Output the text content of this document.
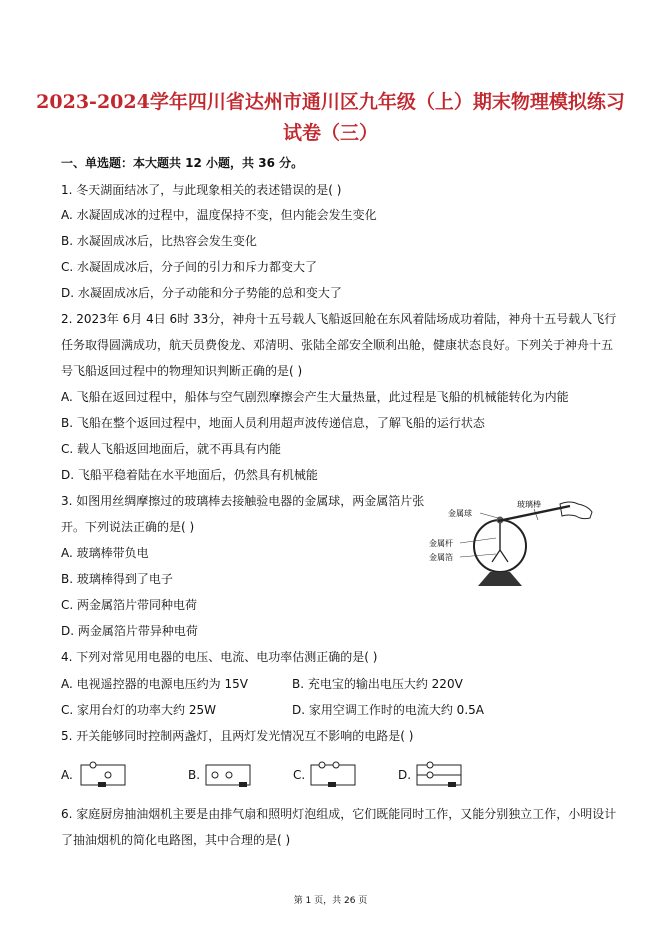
2023-2024学年四川省达州市通川区九年级（上）期末物理模拟练习
试卷（三）
一、单选题：本大题共 12 小题，共 36 分。
1. 冬天湖面结冰了，与此现象相关的表述错误的是( )
A. 水凝固成冰的过程中，温度保持不变，但内能会发生变化
B. 水凝固成冰后，比热容会发生变化
C. 水凝固成冰后，分子间的引力和斥力都变大了
D. 水凝固成冰后，分子动能和分子势能的总和变大了
2. 2023年 6月 4日 6时 33分，神舟十五号载人飞船返回舱在东风着陆场成功着陆，神舟十五号载人飞行
任务取得圆满成功，航天员费俊龙、邓清明、张陆全部安全顺利出舱，健康状态良好。下列关于神舟十五
号飞船返回过程中的物理知识判断正确的是( )
A. 飞船在返回过程中，船体与空气剧烈摩擦会产生大量热量，此过程是飞船的机械能转化为内能
B. 飞船在整个返回过程中，地面人员利用超声波传递信息，了解飞船的运行状态
C. 载人飞船返回地面后，就不再具有内能
D. 飞船平稳着陆在水平地面后，仍然具有机械能
3. 如图用丝绸摩擦过的玻璃棒去接触验电器的金属球，两金属箔片张
开。下列说法正确的是( )
A. 玻璃棒带负电
B. 玻璃棒得到了电子
C. 两金属箔片带同种电荷
D. 两金属箔片带异种电荷
金属球
玻璃棒
金属杆
金属箔
4. 下列对常见用电器的电压、电流、电功率估测正确的是( )
A. 电视遥控器的电源电压约为 15V	B. 充电宝的输出电压大约 220V
C. 家用台灯的功率大约 25W	D. 家用空调工作时的电流大约 0.5A
5. 开关能够同时控制两盏灯，且两灯发光情况互不影响的电路是( )
A.	B.	C.	D.
6. 家庭厨房抽油烟机主要是由排气扇和照明灯泡组成，它们既能同时工作，又能分别独立工作，小明设计
了抽油烟机的简化电路图，其中合理的是( )
第 1 页，共 26 页
